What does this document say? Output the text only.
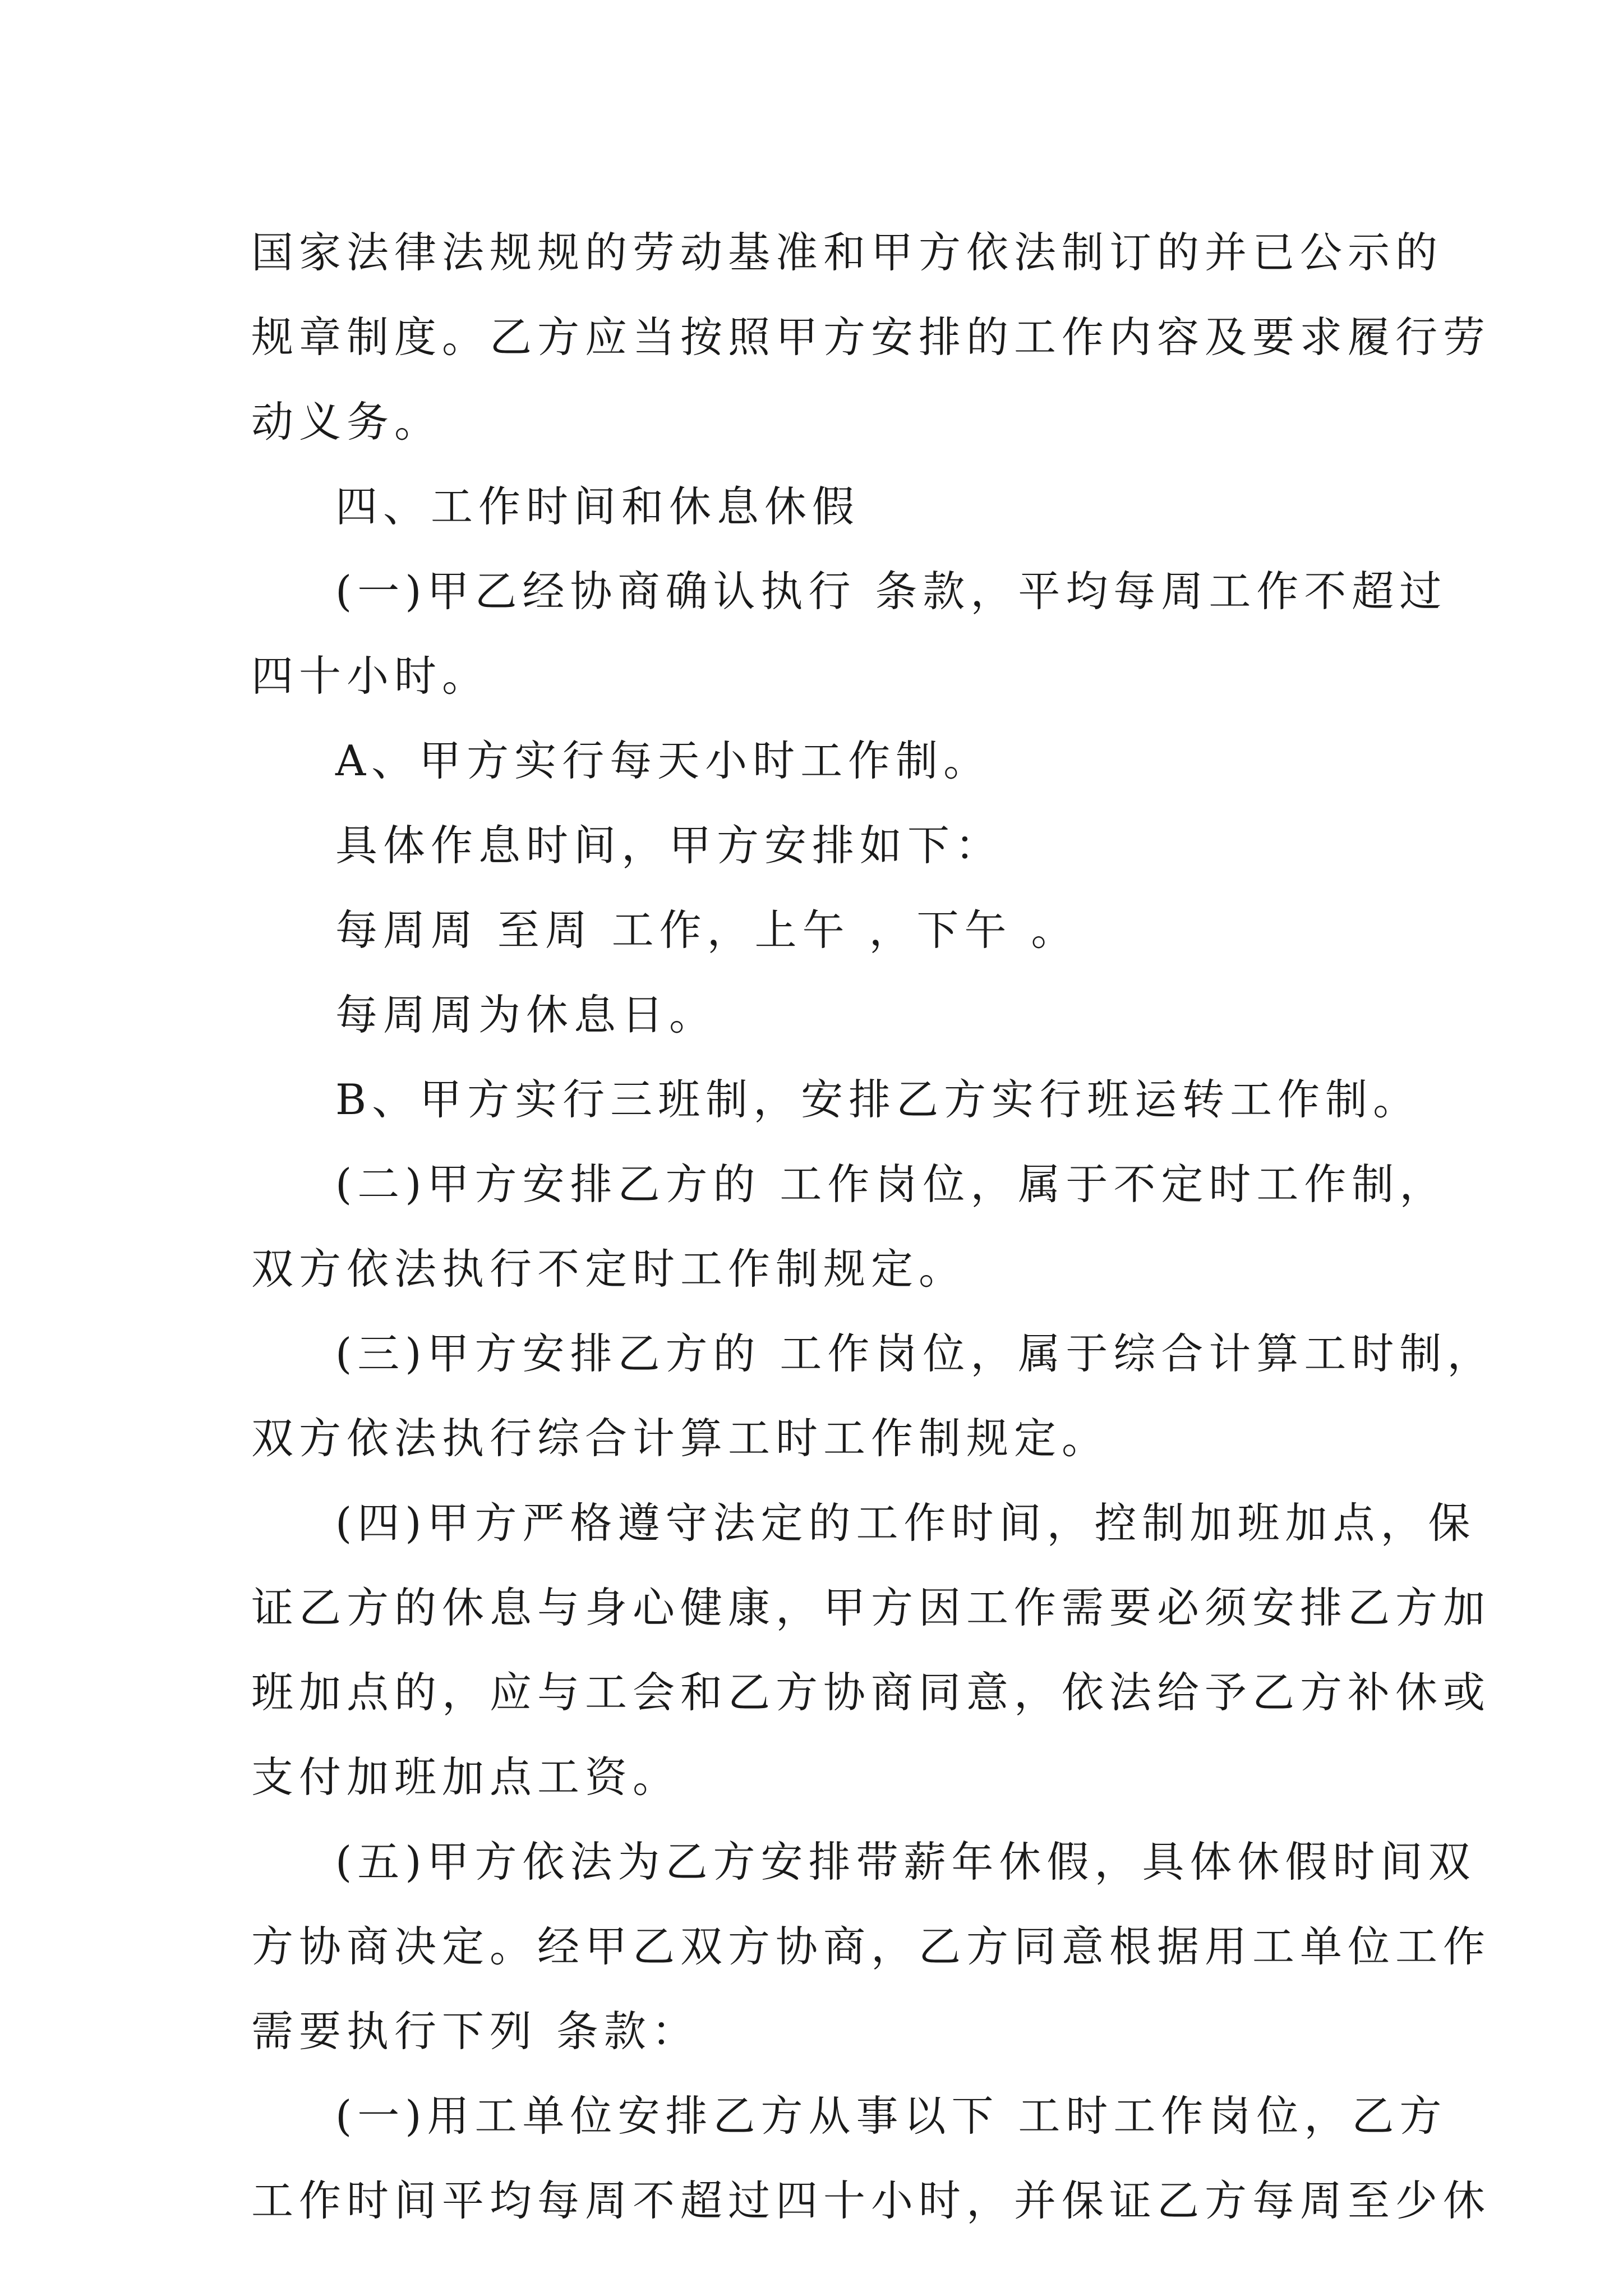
国家法律法规规的劳动基准和甲方依法制订的并已公示的

规章制度。乙方应当按照甲方安排的工作内容及要求履行劳

动义务。

四、工作时间和休息休假

(一)甲乙经协商确认执行 条款，平均每周工作不超过

四十小时。

A、甲方实行每天小时工作制。

具体作息时间，甲方安排如下：

每周周 至周 工作，上午 ，下午 。

每周周为休息日。

B、甲方实行三班制，安排乙方实行班运转工作制。

(二)甲方安排乙方的 工作岗位，属于不定时工作制，

双方依法执行不定时工作制规定。

(三)甲方安排乙方的 工作岗位，属于综合计算工时制，

双方依法执行综合计算工时工作制规定。

(四)甲方严格遵守法定的工作时间，控制加班加点，保

证乙方的休息与身心健康，甲方因工作需要必须安排乙方加

班加点的，应与工会和乙方协商同意，依法给予乙方补休或

支付加班加点工资。

(五)甲方依法为乙方安排带薪年休假，具体休假时间双

方协商决定。经甲乙双方协商，乙方同意根据用工单位工作

需要执行下列 条款：

(一)用工单位安排乙方从事以下 工时工作岗位，乙方

工作时间平均每周不超过四十小时，并保证乙方每周至少休
